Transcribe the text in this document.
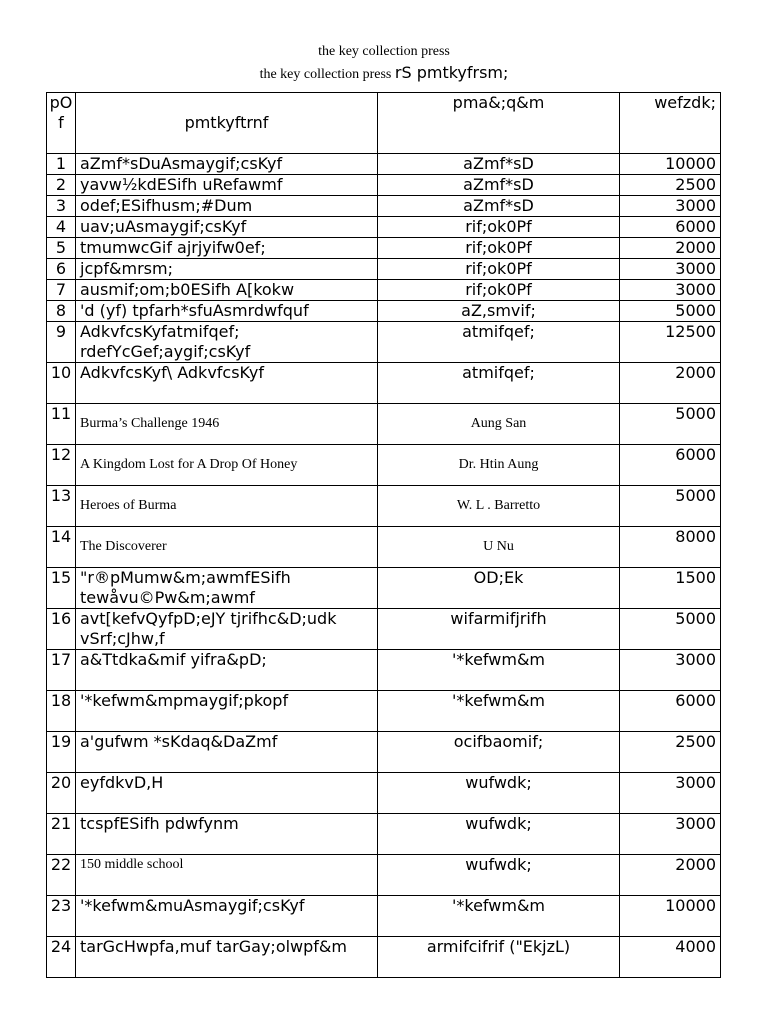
the key collection press
the key collection press rS pmtkyfrsm;
pOf	pmtkyftrnf	pma&;q&m	wefzdk;
1	aZmf*sDuAsmaygif;csKyf	aZmf*sD	10000
2	yavw½kdESifh uRefawmf	aZmf*sD	2500
3	odef;ESifhusm;#Dum	aZmf*sD	3000
4	uav;uAsmaygif;csKyf	rif;ok0Pf	6000
5	tmumwcGif ajrjyifw0ef;	rif;ok0Pf	2000
6	jcpf&mrsm;	rif;ok0Pf	3000
7	ausmif;om;b0ESifh A[kokw	rif;ok0Pf	3000
8	'd (yf) tpfarh*sfuAsmrdwfquf	aZ,smvif;	5000
9	AdkvfcsKyfatmifqef; rdefYcGef;aygif;csKyf	atmifqef;	12500
10	AdkvfcsKyf\ AdkvfcsKyf	atmifqef;	2000
11	Burma’s Challenge 1946	Aung San	5000
12	A Kingdom Lost for A Drop Of Honey	Dr. Htin Aung	6000
13	Heroes of Burma	W. L . Barretto	5000
14	The Discoverer	U Nu	8000
15	"r®pMumw&m;awmfESifh tewåvu©Pw&m;awmf	OD;Ek	1500
16	avt[kefvQyfpD;eJY tjrifhc&D;udk vSrf;cJhw,f	wifarmifjrifh	5000
17	a&Ttdka&mif yifra&pD;	'*kefwm&m	3000
18	'*kefwm&mpmaygif;pkopf	'*kefwm&m	6000
19	a'gufwm *sKdaq&DaZmf	ocifbaomif;	2500
20	eyfdkvD,H	wufwdk;	3000
21	tcspfESifh pdwfynm	wufwdk;	3000
22	150 middle school	wufwdk;	2000
23	'*kefwm&muAsmaygif;csKyf	'*kefwm&m	10000
24	tarGcHwpfa,muf tarGay;olwpf&m	armifcifrif ("EkjzL)	4000
